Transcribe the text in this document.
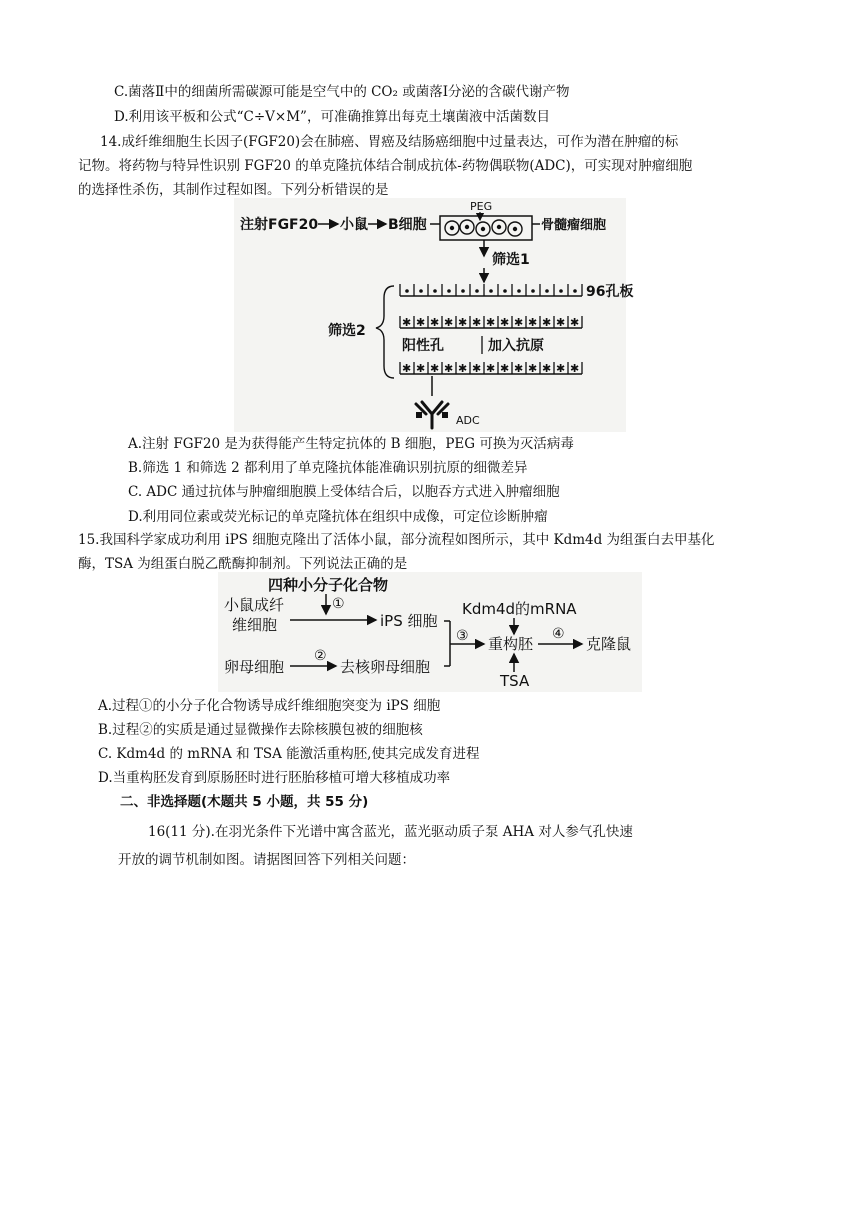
C.菌落Ⅱ中的细菌所需碳源可能是空气中的 CO₂ 或菌落Ⅰ分泌的含碳代谢产物
D.利用该平板和公式“C÷V×M”，可准确推算出每克土壤菌液中活菌数目
14.成纤维细胞生长因子(FGF20)会在肺癌、胃癌及结肠癌细胞中过量表达，可作为潜在肿瘤的标
记物。将药物与特异性识别 FGF20 的单克隆抗体结合制成抗体-药物偶联物(ADC)，可实现对肿瘤细胞
的选择性杀伤，其制作过程如图。下列分析错误的是
注射FGF20 小鼠 B细胞
PEG
骨髓瘤细胞
筛选1
96孔板
筛选2
✱ ✱ ✱ ✱ ✱ ✱ ✱ ✱ ✱ ✱ ✱ ✱ ✱
阳性孔	加入抗原
✱ ✱ ✱ ✱ ✱ ✱ ✱ ✱ ✱ ✱ ✱ ✱ ✱
ADC
A.注射 FGF20 是为获得能产生特定抗体的 B 细胞，PEG 可换为灭活病毒
B.筛选 1 和筛选 2 都利用了单克隆抗体能准确识别抗原的细微差异
C. ADC 通过抗体与肿瘤细胞膜上受体结合后，以胞吞方式进入肿瘤细胞
D.利用同位素或荧光标记的单克隆抗体在组织中成像，可定位诊断肿瘤
15.我国科学家成功利用 iPS 细胞克隆出了活体小鼠，部分流程如图所示，其中 Kdm4d 为组蛋白去甲基化
酶，TSA 为组蛋白脱乙酰酶抑制剂。下列说法正确的是
四种小分子化合物
①
小鼠成纤
维细胞	iPS 细胞
Kdm4d的mRNA
③ 重构胚
④
克隆鼠
TSA
卵母细胞
②
去核卵母细胞
A.过程①的小分子化合物诱导成纤维细胞突变为 iPS 细胞
B.过程②的实质是通过显微操作去除核膜包被的细胞核
C. Kdm4d 的 mRNA 和 TSA 能激活重构胚,使其完成发育进程
D.当重构胚发育到原肠胚时进行胚胎移植可增大移植成功率
二、非选择题(木题共 5 小题，共 55 分)
16(11 分).在羽光条件下光谱中寓含蓝光，蓝光驱动质子泵 AHA 对人参气孔快速
开放的调节机制如图。请据图回答下列相关问题：
